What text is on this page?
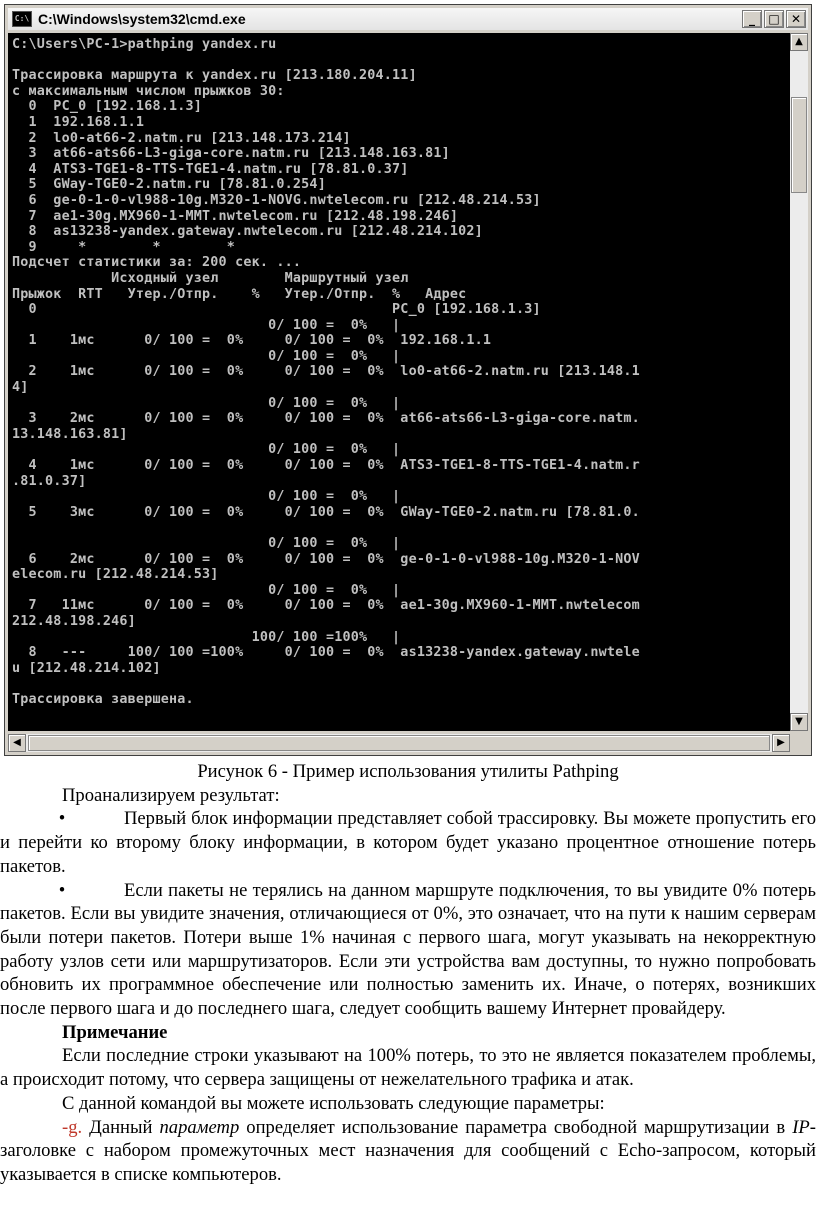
C:\ C:\Windows\system32\cmd.exe	_	□ ✕
C:\Users\PC-1>pathping yandex.ru

Трассировка маршрута к yandex.ru [213.180.204.11]
с максимальным числом прыжков 30:
0  PC_0 [192.168.1.3]
1  192.168.1.1
2  lo0-at66-2.natm.ru [213.148.173.214]
3  at66-ats66-L3-giga-core.natm.ru [213.148.163.81]
4  ATS3-TGE1-8-TTS-TGE1-4.natm.ru [78.81.0.37]
5  GWay-TGE0-2.natm.ru [78.81.0.254]
6  ge-0-1-0-vl988-10g.M320-1-NOVG.nwtelecom.ru [212.48.214.53]
7  ae1-30g.MX960-1-MMT.nwtelecom.ru [212.48.198.246]
8  as13238-yandex.gateway.nwtelecom.ru [212.48.214.102]
9     *        *        *
Подсчет статистики за: 200 сек. ...
Исходный узел        Маршрутный узел
Прыжок  RTT   Утер./Отпр.    %   Утер./Отпр.  %   Адрес
0                                           PC_0 [192.168.1.3]
0/ 100 =  0%   |
1    1мс      0/ 100 =  0%     0/ 100 =  0%  192.168.1.1
0/ 100 =  0%   |
2    1мс      0/ 100 =  0%     0/ 100 =  0%  lo0-at66-2.natm.ru [213.148.1
4]
0/ 100 =  0%   |
3    2мс      0/ 100 =  0%     0/ 100 =  0%  at66-ats66-L3-giga-core.natm.
13.148.163.81]
0/ 100 =  0%   |
4    1мс      0/ 100 =  0%     0/ 100 =  0%  ATS3-TGE1-8-TTS-TGE1-4.natm.r
.81.0.37]
0/ 100 =  0%   |
5    3мс      0/ 100 =  0%     0/ 100 =  0%  GWay-TGE0-2.natm.ru [78.81.0.

0/ 100 =  0%   |
6    2мс      0/ 100 =  0%     0/ 100 =  0%  ge-0-1-0-vl988-10g.M320-1-NOV
elecom.ru [212.48.214.53]
0/ 100 =  0%   |
7   11мс      0/ 100 =  0%     0/ 100 =  0%  ae1-30g.MX960-1-MMT.nwtelecom
212.48.198.246]
100/ 100 =100%   |
8   ---     100/ 100 =100%     0/ 100 =  0%  as13238-yandex.gateway.nwtele
u [212.48.214.102]

Трассировка завершена.
▲
▼
◀	▶

Рисунок 6 - Пример использования утилиты Pathping

Проанализируем результат:

•	Первый блок информации представляет собой трассировку. Вы можете пропустить его и перейти ко второму блоку информации, в котором будет указано процентное отношение потерь пакетов.

•	Если пакеты не терялись на данном маршруте подключения, то вы увидите 0% потерь пакетов. Если вы увидите значения, отличающиеся от 0%, это означает, что на пути к нашим серверам были потери пакетов. Потери выше 1% начиная с первого шага, могут указывать на некорректную работу узлов сети или маршрутизаторов. Если эти устройства вам доступны, то нужно попробовать обновить их программное обеспечение или полностью заменить их. Иначе, о потерях, возникших после первого шага и до последнего шага, следует сообщить вашему Интернет провайдеру.

Примечание

Если последние строки указывают на 100% потерь, то это не является показателем проблемы, а происходит потому, что сервера защищены от нежелательного трафика и атак.

С данной командой вы можете использовать следующие параметры:

-g. Данный параметр определяет использование параметра свободной маршрутизации в IP-заголовке с набором промежуточных мест назначения для сообщений с Echo-запросом, который указывается в списке компьютеров.
